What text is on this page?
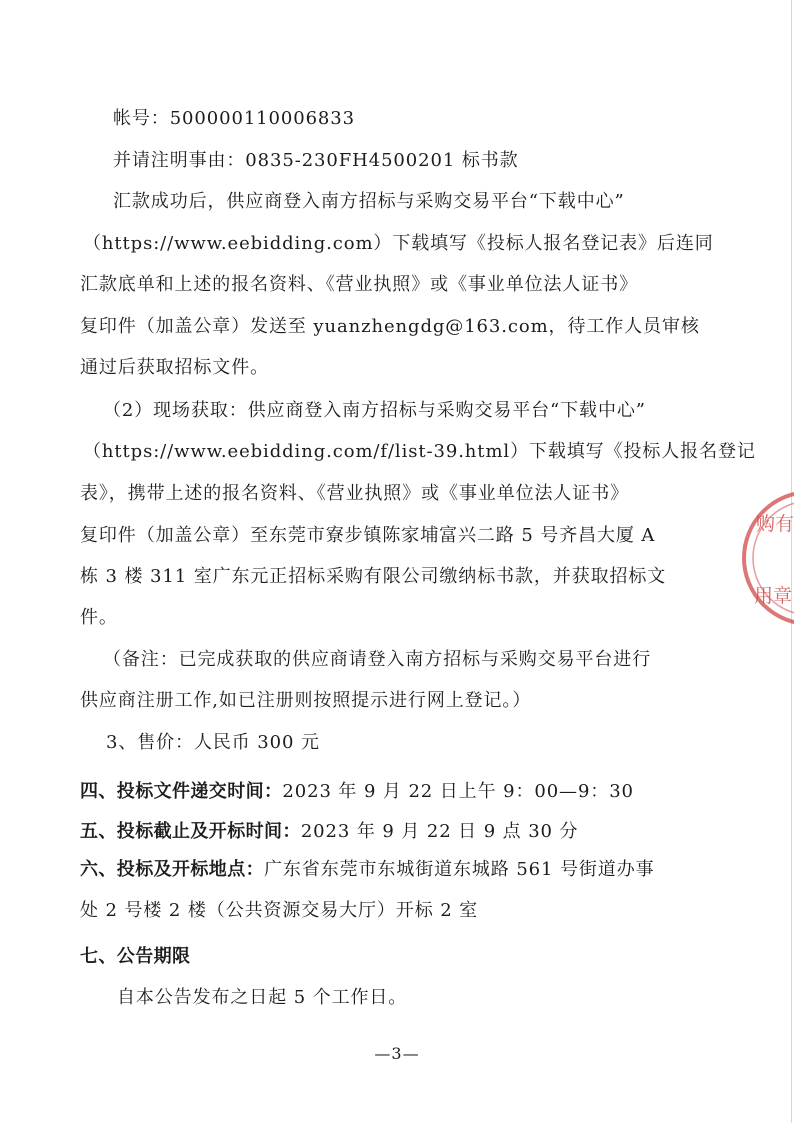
帐号：500000110006833
并请注明事由：0835-230FH4500201 标书款
汇款成功后，供应商登入南方招标与采购交易平台“下载中心”
（https://www.eebidding.com）下载填写《投标人报名登记表》后连同
汇款底单和上述的报名资料、《营业执照》或《事业单位法人证书》
复印件（加盖公章）发送至 yuanzhengdg@163.com，待工作人员审核
通过后获取招标文件。
（2）现场获取：供应商登入南方招标与采购交易平台“下载中心”
（https://www.eebidding.com/f/list-39.html）下载填写《投标人报名登记
表》，携带上述的报名资料、《营业执照》或《事业单位法人证书》
复印件（加盖公章）至东莞市寮步镇陈家埔富兴二路 5 号齐昌大厦 A
栋 3 楼 311 室广东元正招标采购有限公司缴纳标书款，并获取招标文
件。
（备注：已完成获取的供应商请登入南方招标与采购交易平台进行
供应商注册工作,如已注册则按照提示进行网上登记。）
3、售价：人民币 300 元
四、投标文件递交时间：2023 年 9 月 22 日上午 9：00—9：30
五、投标截止及开标时间：2023 年 9 月 22 日 9 点 30 分
六、投标及开标地点：广东省东莞市东城街道东城路 561 号街道办事
处 2 号楼 2 楼（公共资源交易大厅）开标 2 室
七、公告期限
自本公告发布之日起 5 个工作日。
—3—
购有
用章
